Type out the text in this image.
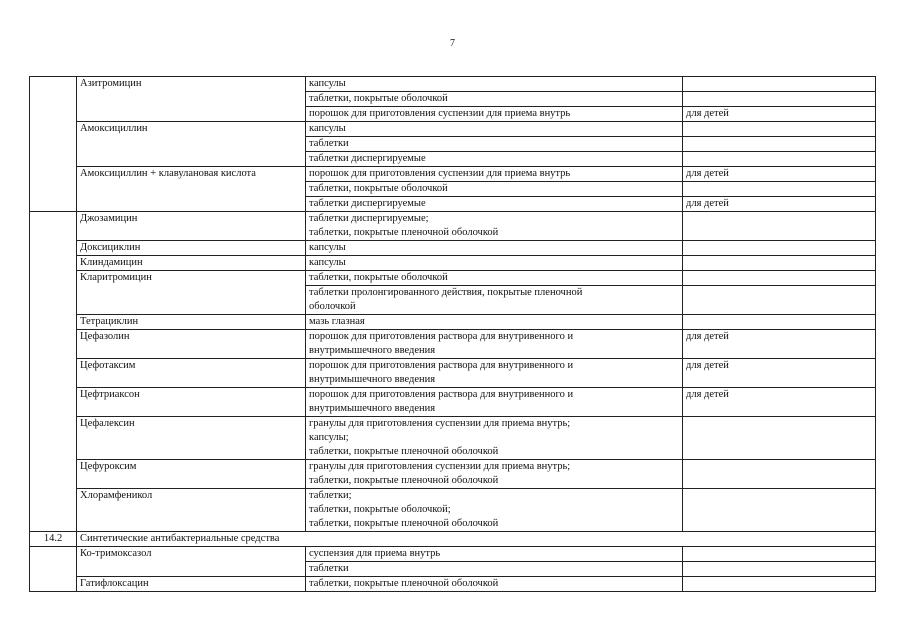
7
	Азитромицин	капсулы	

		таблетки, покрытые оболочкой	

		порошок для приготовления суспензии для приема внутрь	для детей
	Амоксициллин	капсулы	

		таблетки	

		таблетки диспергируемые	

	Амоксициллин + клавулановая кислота	порошок для приготовления суспензии для приема внутрь	для детей

		таблетки, покрытые оболочкой	

		таблетки диспергируемые	для детей
	Джозамицин	таблетки диспергируемые;
таблетки, покрытые пленочной оболочкой	

	Доксициклин	капсулы	

	Клиндамицин	капсулы	

	Кларитромицин	таблетки, покрытые оболочкой	

		таблетки пролонгированного действия, покрытые пленочной
оболочкой	

	Тетрациклин	мазь глазная	

	Цефазолин	порошок для приготовления раствора для внутривенного и
внутримышечного введения	для детей
	Цефотаксим	порошок для приготовления раствора для внутривенного и
внутримышечного введения	для детей
	Цефтриаксон	порошок для приготовления раствора для внутривенного и
внутримышечного введения	для детей
	Цефалексин	гранулы для приготовления суспензии для приема внутрь;
капсулы;
таблетки, покрытые пленочной оболочкой	

	Цефуроксим	гранулы для приготовления суспензии для приема внутрь;
таблетки, покрытые пленочной оболочкой	

	Хлорамфеникол	таблетки;
таблетки, покрытые оболочкой;
таблетки, покрытые пленочной оболочкой	

14.2	Синтетические антибактериальные средства		
	Ко-тримоксазол	суспензия для приема внутрь	

		таблетки	

	Гатифлоксацин	таблетки, покрытые пленочной оболочкой	
